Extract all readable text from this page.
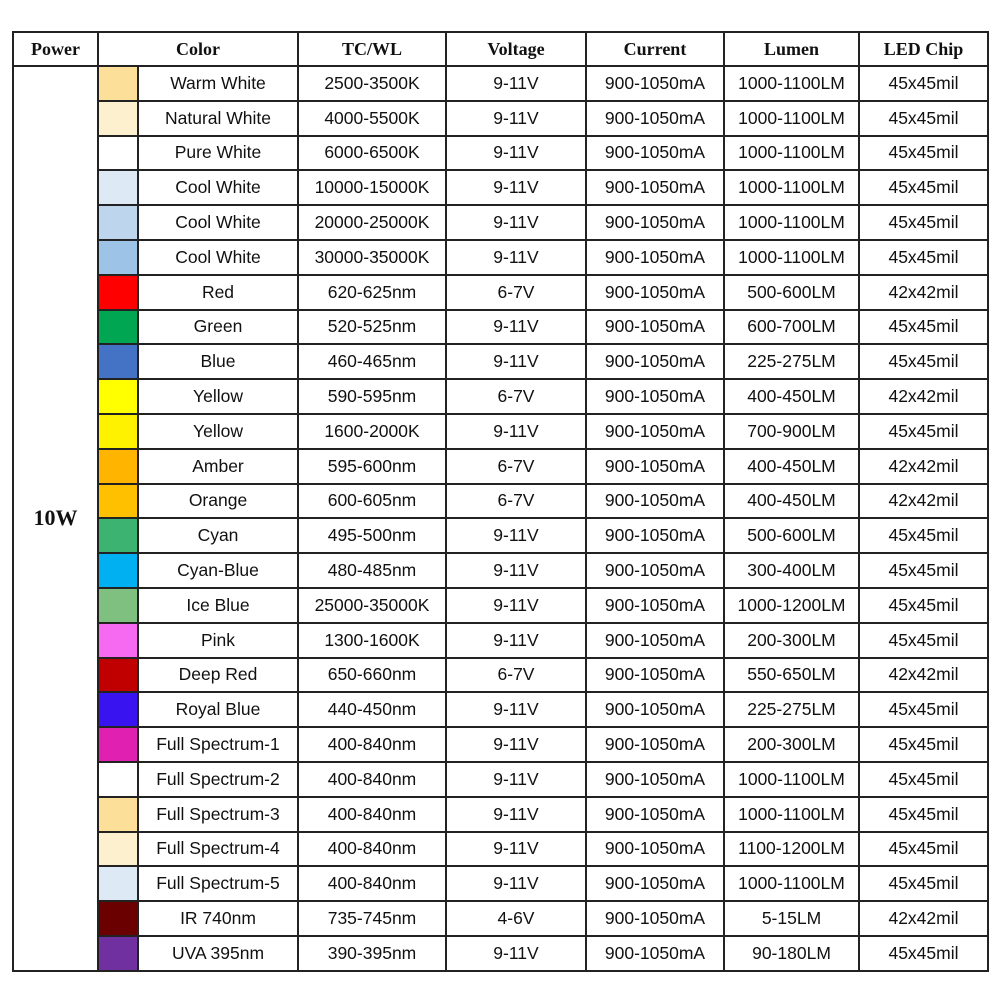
Power	Color		TC/WL	Voltage	Current	Lumen	LED Chip
10W		Warm White	2500-3500K	9-11V	900-1050mA	1000-1100LM	45x45mil
		Natural White	4000-5500K	9-11V	900-1050mA	1000-1100LM	45x45mil
		Pure White	6000-6500K	9-11V	900-1050mA	1000-1100LM	45x45mil
		Cool White	10000-15000K	9-11V	900-1050mA	1000-1100LM	45x45mil
		Cool White	20000-25000K	9-11V	900-1050mA	1000-1100LM	45x45mil
		Cool White	30000-35000K	9-11V	900-1050mA	1000-1100LM	45x45mil
		Red	620-625nm	6-7V	900-1050mA	500-600LM	42x42mil
		Green	520-525nm	9-11V	900-1050mA	600-700LM	45x45mil
		Blue	460-465nm	9-11V	900-1050mA	225-275LM	45x45mil
		Yellow	590-595nm	6-7V	900-1050mA	400-450LM	42x42mil
		Yellow	1600-2000K	9-11V	900-1050mA	700-900LM	45x45mil
		Amber	595-600nm	6-7V	900-1050mA	400-450LM	42x42mil
		Orange	600-605nm	6-7V	900-1050mA	400-450LM	42x42mil
		Cyan	495-500nm	9-11V	900-1050mA	500-600LM	45x45mil
		Cyan-Blue	480-485nm	9-11V	900-1050mA	300-400LM	45x45mil
		Ice Blue	25000-35000K	9-11V	900-1050mA	1000-1200LM	45x45mil
		Pink	1300-1600K	9-11V	900-1050mA	200-300LM	45x45mil
		Deep Red	650-660nm	6-7V	900-1050mA	550-650LM	42x42mil
		Royal Blue	440-450nm	9-11V	900-1050mA	225-275LM	45x45mil
		Full Spectrum-1	400-840nm	9-11V	900-1050mA	200-300LM	45x45mil
		Full Spectrum-2	400-840nm	9-11V	900-1050mA	1000-1100LM	45x45mil
		Full Spectrum-3	400-840nm	9-11V	900-1050mA	1000-1100LM	45x45mil
		Full Spectrum-4	400-840nm	9-11V	900-1050mA	1100-1200LM	45x45mil
		Full Spectrum-5	400-840nm	9-11V	900-1050mA	1000-1100LM	45x45mil
		IR 740nm	735-745nm	4-6V	900-1050mA	5-15LM	42x42mil
		UVA 395nm	390-395nm	9-11V	900-1050mA	90-180LM	45x45mil
